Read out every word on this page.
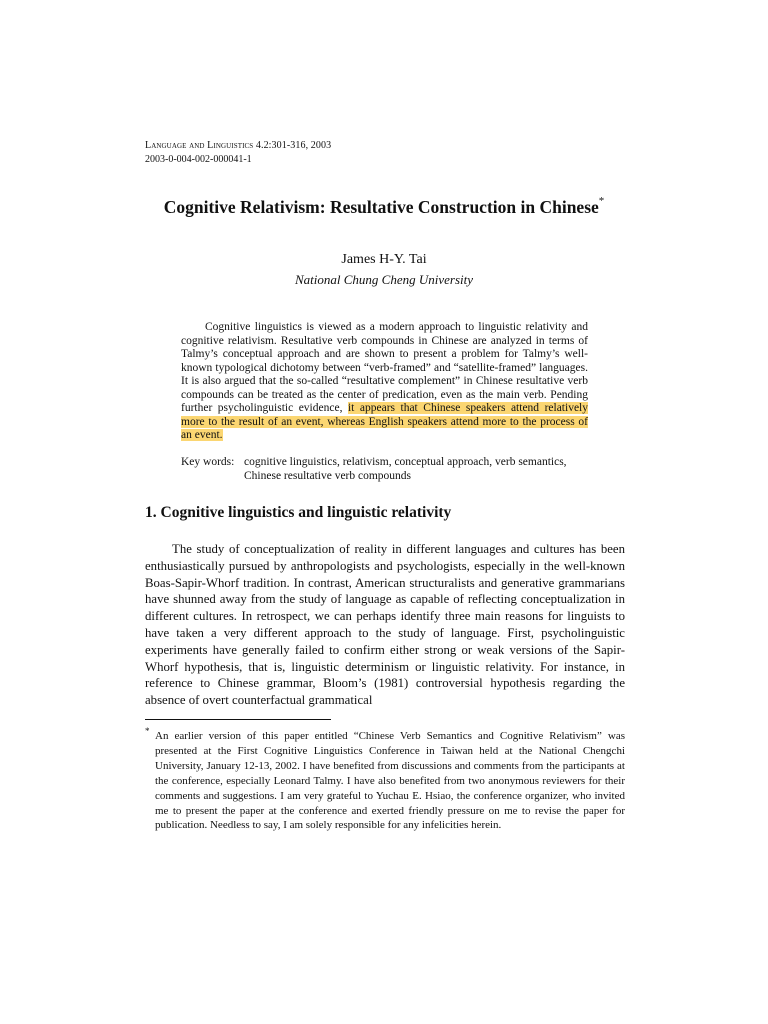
Language and Linguistics 4.2:301-316, 2003
2003-0-004-002-000041-1
Cognitive Relativism: Resultative Construction in Chinese*
James H-Y. Tai
National Chung Cheng University

Cognitive linguistics is viewed as a modern approach to linguistic relativity and cognitive relativism. Resultative verb compounds in Chinese are analyzed in terms of Talmy’s conceptual approach and are shown to present a problem for Talmy’s well-known typological dichotomy between “verb-framed” and “satellite-framed” languages. It is also argued that the so-called “resultative complement” in Chinese resultative verb compounds can be treated as the center of predication, even as the main verb. Pending further psycholinguistic evidence, it appears that Chinese speakers attend relatively more to the result of an event, whereas English speakers attend more to the process of an event.

Key words: cognitive linguistics, relativism, conceptual approach, verb semantics,
Chinese resultative verb compounds
1. Cognitive linguistics and linguistic relativity

The study of conceptualization of reality in different languages and cultures has been enthusiastically pursued by anthropologists and psychologists, especially in the well-known Boas-Sapir-Whorf tradition. In contrast, American structuralists and generative grammarians have shunned away from the study of language as capable of reflecting conceptualization in different cultures. In retrospect, we can perhaps identify three main reasons for linguists to have taken a very different approach to the study of language. First, psycholinguistic experiments have generally failed to confirm either strong or weak versions of the Sapir-Whorf hypothesis, that is, linguistic determinism or linguistic relativity. For instance, in reference to Chinese grammar, Bloom’s (1981) controversial hypothesis regarding the absence of overt counterfactual grammatical

* An earlier version of this paper entitled “Chinese Verb Semantics and Cognitive Relativism” was presented at the First Cognitive Linguistics Conference in Taiwan held at the National Chengchi University, January 12-13, 2002. I have benefited from discussions and comments from the participants at the conference, especially Leonard Talmy. I have also benefited from two anonymous reviewers for their comments and suggestions. I am very grateful to Yuchau E. Hsiao, the conference organizer, who invited me to present the paper at the conference and exerted friendly pressure on me to revise the paper for publication. Needless to say, I am solely responsible for any infelicities herein.
